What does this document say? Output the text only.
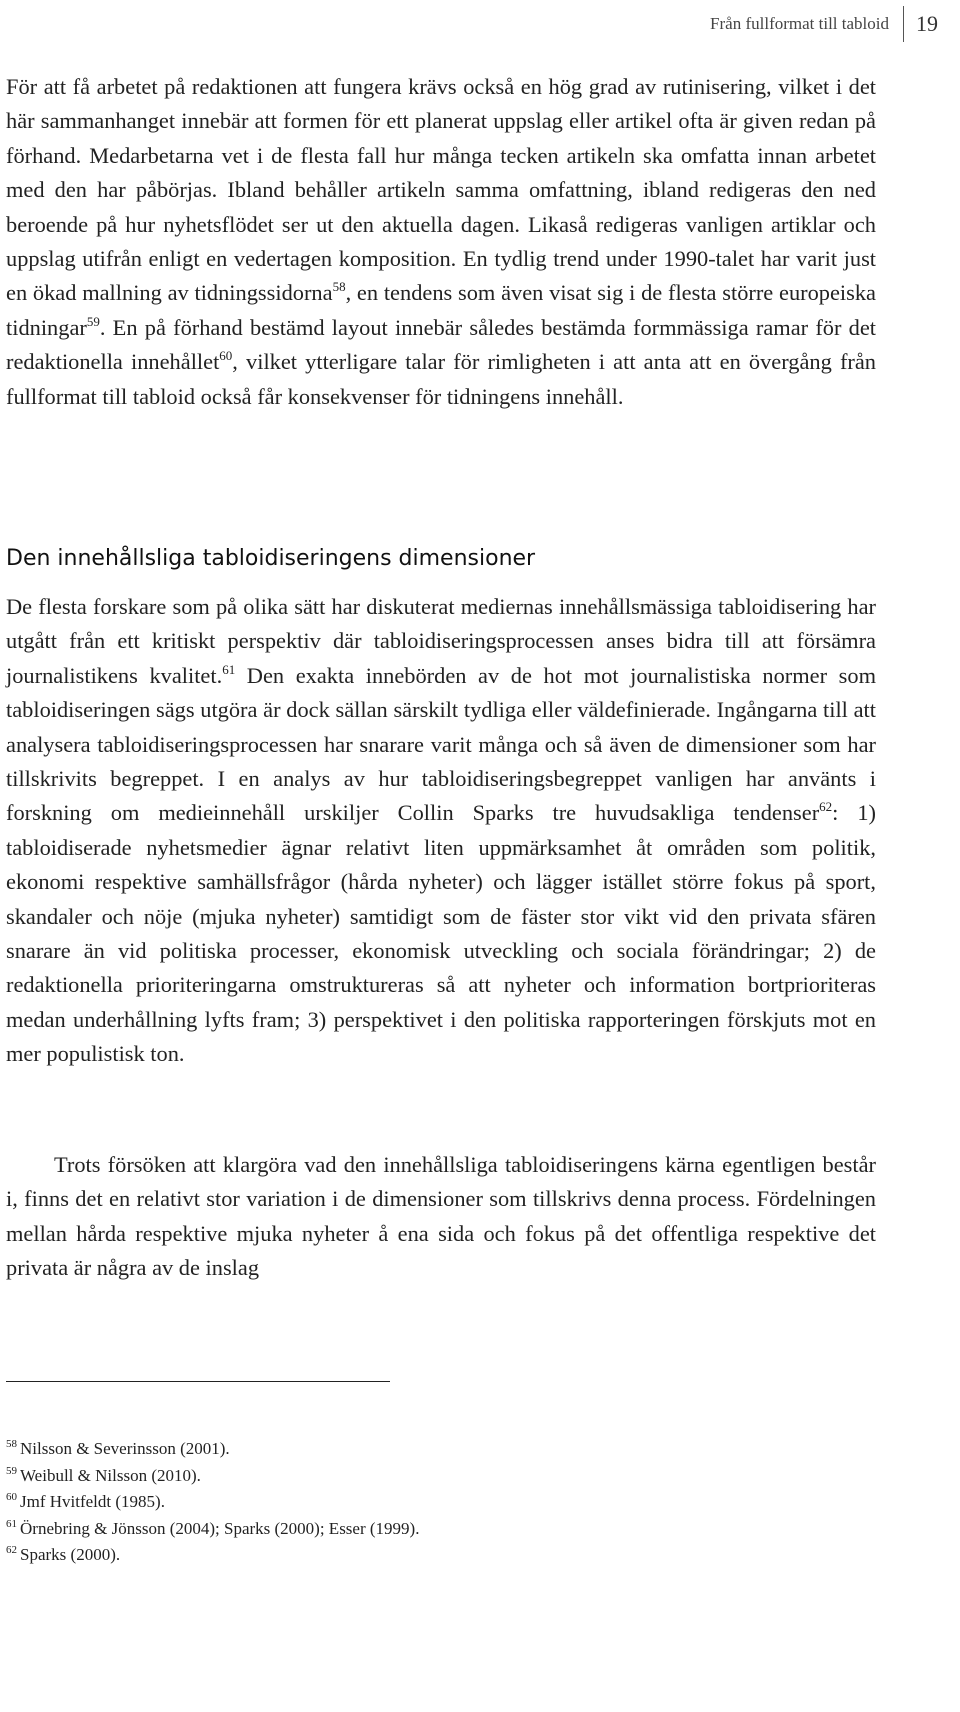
Från fullformat till tabloid	19

För att få arbetet på redaktionen att fungera krävs också en hög grad av rutinisering, vilket i det här sammanhanget innebär att formen för ett planerat uppslag eller artikel ofta är given redan på förhand. Medarbetarna vet i de flesta fall hur många tecken artikeln ska omfatta innan arbetet med den har påbörjas. Ibland behåller artikeln samma omfattning, ibland redigeras den ned beroende på hur nyhetsflödet ser ut den aktuella dagen. Likaså redigeras vanligen artiklar och uppslag utifrån enligt en vedertagen komposition. En tydlig trend under 1990-talet har varit just en ökad mallning av tidningssidorna$^{58}$, en tendens som även visat sig i de flesta större europeiska tidningar$^{59}$. En på förhand bestämd layout innebär således bestämda formmässiga ramar för det redaktionella innehållet$^{60}$, vilket ytterligare talar för rimligheten i att anta att en övergång från fullformat till tabloid också får konsekvenser för tidningens innehåll.

Den innehållsliga tabloidiseringens dimensioner

De flesta forskare som på olika sätt har diskuterat mediernas innehållsmässiga tabloidisering har utgått från ett kritiskt perspektiv där tabloidiseringsprocessen anses bidra till att försämra journalistikens kvalitet.$^{61}$ Den exakta innebörden av de hot mot journalistiska normer som tabloidiseringen sägs utgöra är dock sällan särskilt tydliga eller väldefinierade. Ingångarna till att analysera tabloidiseringsprocessen har snarare varit många och så även de dimensioner som har tillskrivits begreppet. I en analys av hur tabloidiseringsbegreppet vanligen har använts i forskning om medieinnehåll urskiljer Collin Sparks tre huvudsakliga tendenser$^{62}$: 1) tabloidiserade nyhetsmedier ägnar relativt liten uppmärksamhet åt områden som politik, ekonomi respektive samhällsfrågor (hårda nyheter) och lägger istället större fokus på sport, skandaler och nöje (mjuka nyheter) samtidigt som de fäster stor vikt vid den privata sfären snarare än vid politiska processer, ekonomisk utveckling och sociala förändringar; 2) de redaktionella prioriteringarna omstruktureras så att nyheter och information bortprioriteras medan underhållning lyfts fram; 3) perspektivet i den politiska rapporteringen förskjuts mot en mer populistisk ton.

Trots försöken att klargöra vad den innehållsliga tabloidiseringens kärna egentligen består i, finns det en relativt stor variation i de dimensioner som tillskrivs denna process. Fördelningen mellan hårda respektive mjuka nyheter å ena sida och fokus på det offentliga respektive det privata är några av de inslag

$^{58}$ Nilsson & Severinsson (2001).
$^{59}$ Weibull & Nilsson (2010).
$^{60}$ Jmf Hvitfeldt (1985).
$^{61}$ Örnebring & Jönsson (2004); Sparks (2000); Esser (1999).
$^{62}$ Sparks (2000).
